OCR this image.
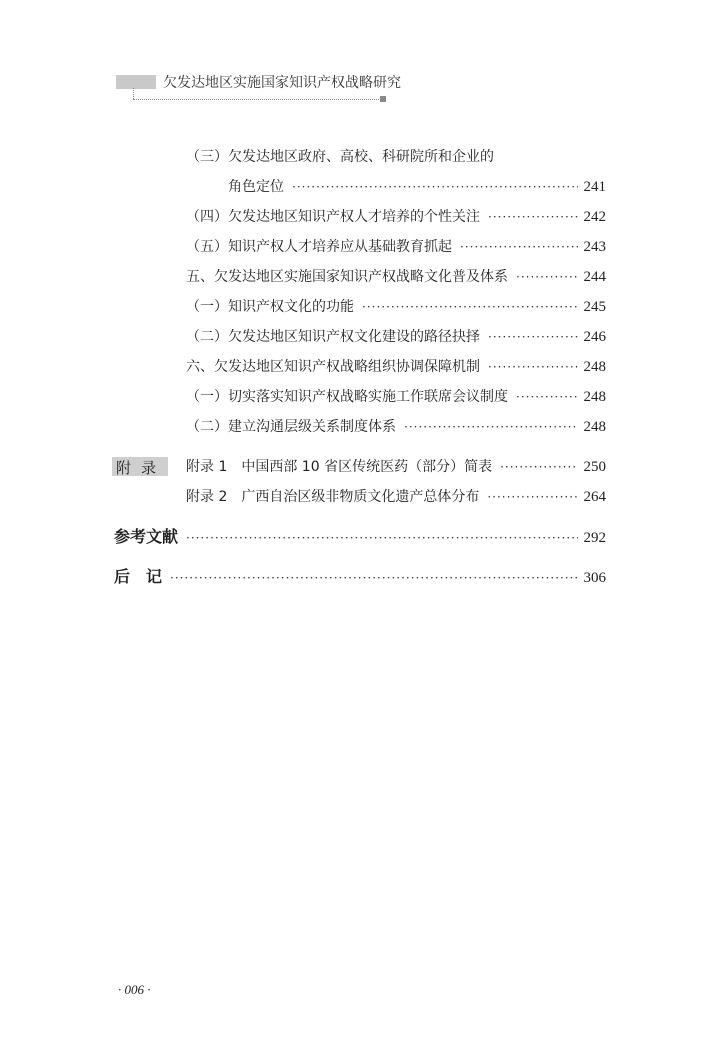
欠发达地区实施国家知识产权战略研究
（三）欠发达地区政府、高校、科研院所和企业的
角色定位 ·····	241
（四）欠发达地区知识产权人才培养的个性关注 ·····	242
（五）知识产权人才培养应从基础教育抓起 ·····	243
五、欠发达地区实施国家知识产权战略文化普及体系 ·····	244
（一）知识产权文化的功能 ·····	245
（二）欠发达地区知识产权文化建设的路径抉择 ·····	246
六、欠发达地区知识产权战略组织协调保障机制 ·····	248
（一）切实落实知识产权战略实施工作联席会议制度 ·····	248
（二）建立沟通层级关系制度体系 ·····	248
附录 附录 1　中国西部 10 省区传统医药（部分）简表 ·····	250
附录 2　广西自治区级非物质文化遗产总体分布 ·····	264
参考文献 ·····	292
后　记 ·····	306
· 006 ·
